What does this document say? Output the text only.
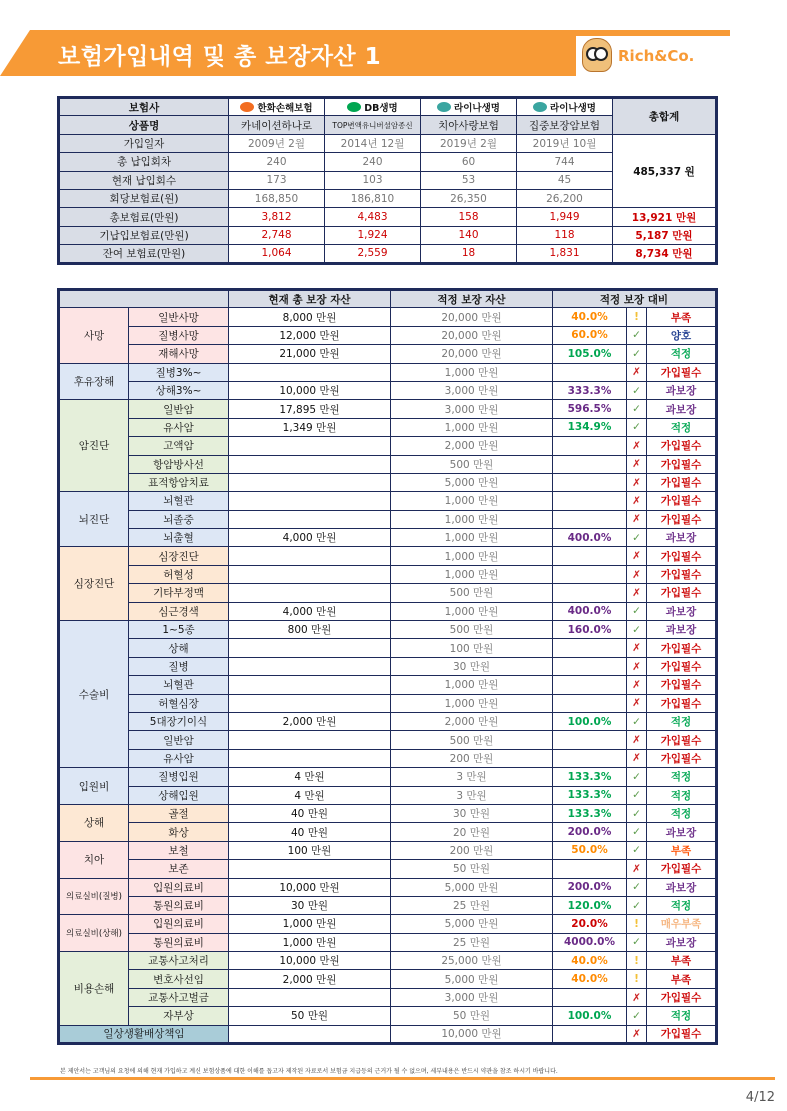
보험가입내역 및 총 보장자산 1	Rich&Co.
보험사	한화손해보험	DB생명	라이나생명	라이나생명	총합계
상품명	카네이션하나로	TOP변액유니버셜암종신	치아사랑보험	집중보장암보험	
가입일자	2009년 2월	2014년 12월	2019년 2월	2019년 10월	485,337 원
총 납입회차	240	240	60	744	
현재 납입회수	173	103	53	45	
회당보험료(원)	168,850	186,810	26,350	26,200	
총보험료(만원)	3,812	4,483	158	1,949	13,921 만원
기납입보험료(만원)	2,748	1,924	140	118	5,187 만원
잔여 보험료(만원)	1,064	2,559	18	1,831	8,734 만원
		현재 총 보장 자산	적정 보장 자산	적정 보장 대비		
사망	일반사망	8,000 만원	20,000 만원	40.0%	!	부족
	질병사망	12,000 만원	20,000 만원	60.0%	✓	양호
	재해사망	21,000 만원	20,000 만원	105.0%	✓	적정
후유장해	질병3%~		1,000 만원		✗	가입필수
	상해3%~	10,000 만원	3,000 만원	333.3%	✓	과보장
암진단	일반암	17,895 만원	3,000 만원	596.5%	✓	과보장
	유사암	1,349 만원	1,000 만원	134.9%	✓	적정
	고액암		2,000 만원		✗	가입필수
	항암방사선		500 만원		✗	가입필수
	표적항암치료		5,000 만원		✗	가입필수
뇌진단	뇌혈관		1,000 만원		✗	가입필수
	뇌졸중		1,000 만원		✗	가입필수
	뇌출혈	4,000 만원	1,000 만원	400.0%	✓	과보장
심장진단	심장진단		1,000 만원		✗	가입필수
	허혈성		1,000 만원		✗	가입필수
	기타부정맥		500 만원		✗	가입필수
	심근경색	4,000 만원	1,000 만원	400.0%	✓	과보장
수술비	1~5종	800 만원	500 만원	160.0%	✓	과보장
	상해		100 만원		✗	가입필수
	질병		30 만원		✗	가입필수
	뇌혈관		1,000 만원		✗	가입필수
	허혈심장		1,000 만원		✗	가입필수
	5대장기이식	2,000 만원	2,000 만원	100.0%	✓	적정
	일반암		500 만원		✗	가입필수
	유사암		200 만원		✗	가입필수
입원비	질병입원	4 만원	3 만원	133.3%	✓	적정
	상해입원	4 만원	3 만원	133.3%	✓	적정
상해	골절	40 만원	30 만원	133.3%	✓	적정
	화상	40 만원	20 만원	200.0%	✓	과보장
치아	보철	100 만원	200 만원	50.0%	✓	부족
	보존		50 만원		✗	가입필수
의료실비(질병)	입원의료비	10,000 만원	5,000 만원	200.0%	✓	과보장
	통원의료비	30 만원	25 만원	120.0%	✓	적정
의료실비(상해)	입원의료비	1,000 만원	5,000 만원	20.0%	!	매우부족
	통원의료비	1,000 만원	25 만원	4000.0%	✓	과보장
비용손해	교통사고처리	10,000 만원	25,000 만원	40.0%	!	부족
	변호사선임	2,000 만원	5,000 만원	40.0%	!	부족
	교통사고벌금		3,000 만원		✗	가입필수
	자부상	50 만원	50 만원	100.0%	✓	적정
일상생활배상책임			10,000 만원		✗	가입필수
본 제안서는 고객님의 요청에 의해 현재 가입하고 계신 보험상품에 대한 이해를 돕고자 제작된 자료로서 보험금 지급등의 근거가 될 수 없으며, 세부내용은 반드시 약관을 참조 하시기 바랍니다.
4/12
